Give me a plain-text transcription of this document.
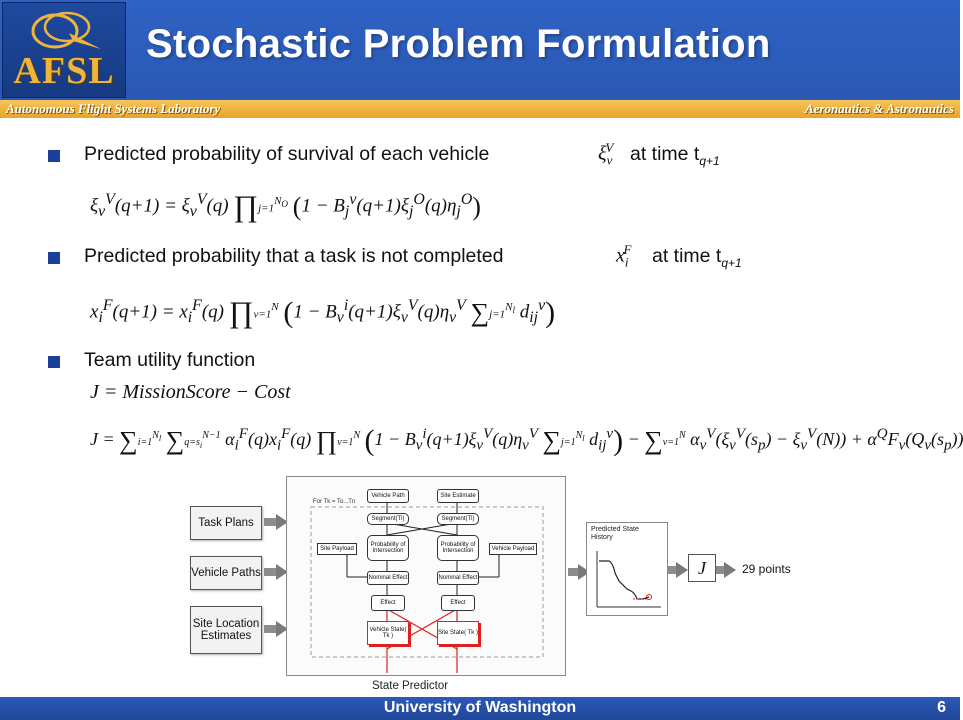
AFSL
Stochastic Problem Formulation
Autonomous Flight Systems Laboratory	Aeronautics & Astronautics
Predicted probability of survival of each vehicle	$\xi_\nu^V$ at time $t_{q+1}$
$\xi_\nu^V(q+1) = \xi_\nu^V(q)$ $\prod j=1^{N_O}$ $(1 - B_j^\nu(q+1)\xi_j^O(q)\eta_j^O)$
Predicted probability that a task is not completed	$x_i^F$ at time $t_{q+1}$
$x_i^F(q+1) = x_i^F(q)$ $\prod\nu=1^N$ ($1 - B_\nu^i(q+1)\xi_\nu^V(q)\eta_\nu^V$ $\sum j=1^{N_l}$ $d_{ij}^\nu$)
Team utility function
J = MissionScore − Cost
$J = \sum i=1^{N_l}$ $\sum q=s_i^{N-1}$ $\alpha_i^F(q)x_i^F(q)$ $\prod\nu=1^N$ ($1 - B_\nu^i(q+1)\xi_\nu^V(q)\eta_\nu^V$ $\sum j=1^{N_l}$ $d_{ij}^\nu) - \sum\nu=1^N$ $\alpha_\nu^V(\xi_\nu^V(s_p) - \xi_\nu^V(N)) + \alpha^QF_\nu(Q_\nu(s_p))$
Task Plans
Vehicle Paths
Site Location Estimates
For Tk = To...Tn
Vehicle Path	Site Estimate
Segment(Tl)	Segment(Tl)
Site Payload	Vehicle Payload
Probability of Intersection
Probability of Intersection
Nominal Effect	Nominal Effect
Effect	Effect
Vehicle State( Tk )	Site State( Tk )
State Predictor
Predicted State History
J	29 points
University of Washington	6
